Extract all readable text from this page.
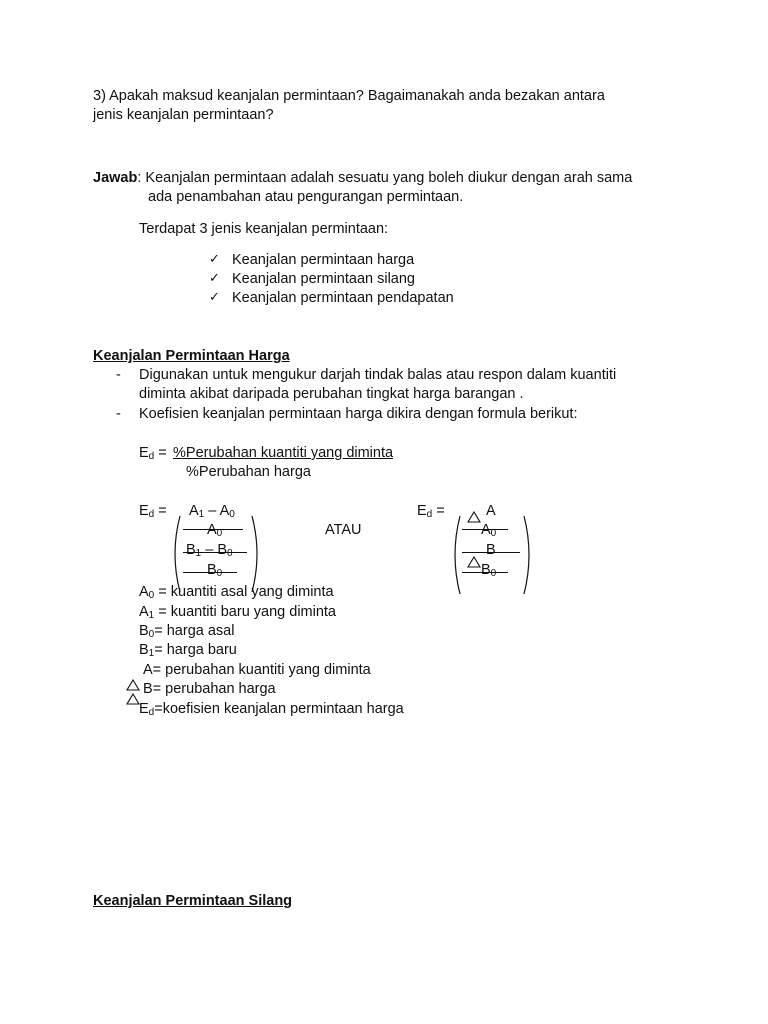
3) Apakah maksud keanjalan permintaan? Bagaimanakah anda bezakan antara
jenis keanjalan permintaan?
Jawab: Keanjalan permintaan adalah sesuatu yang boleh diukur dengan arah sama
ada penambahan atau pengurangan permintaan.
Terdapat 3 jenis keanjalan permintaan:
✓ Keanjalan permintaan harga
✓ Keanjalan permintaan silang
✓ Keanjalan permintaan pendapatan
Keanjalan Permintaan Harga
- Digunakan untuk mengukur darjah tindak balas atau respon dalam kuantiti
diminta akibat daripada perubahan tingkat harga barangan .
- Koefisien keanjalan permintaan harga dikira dengan formula berikut:
$E_d$ = %Perubahan kuantiti yang diminta
%Perubahan harga
$E_d = A_1 - A_0$
$A_0$
$B_1 - B_0$
$B_0$
ATAU
$E_d$ =	A
$A_0$
B
$B_0$
$A_0$ = kuantiti asal yang diminta
$A_1$ = kuantiti baru yang diminta
$B_0=$ harga asal
$B_1=$ harga baru
A= perubahan kuantiti yang diminta
B= perubahan harga
$E_d=koefisien$ keanjalan permintaan harga
Keanjalan Permintaan Silang
